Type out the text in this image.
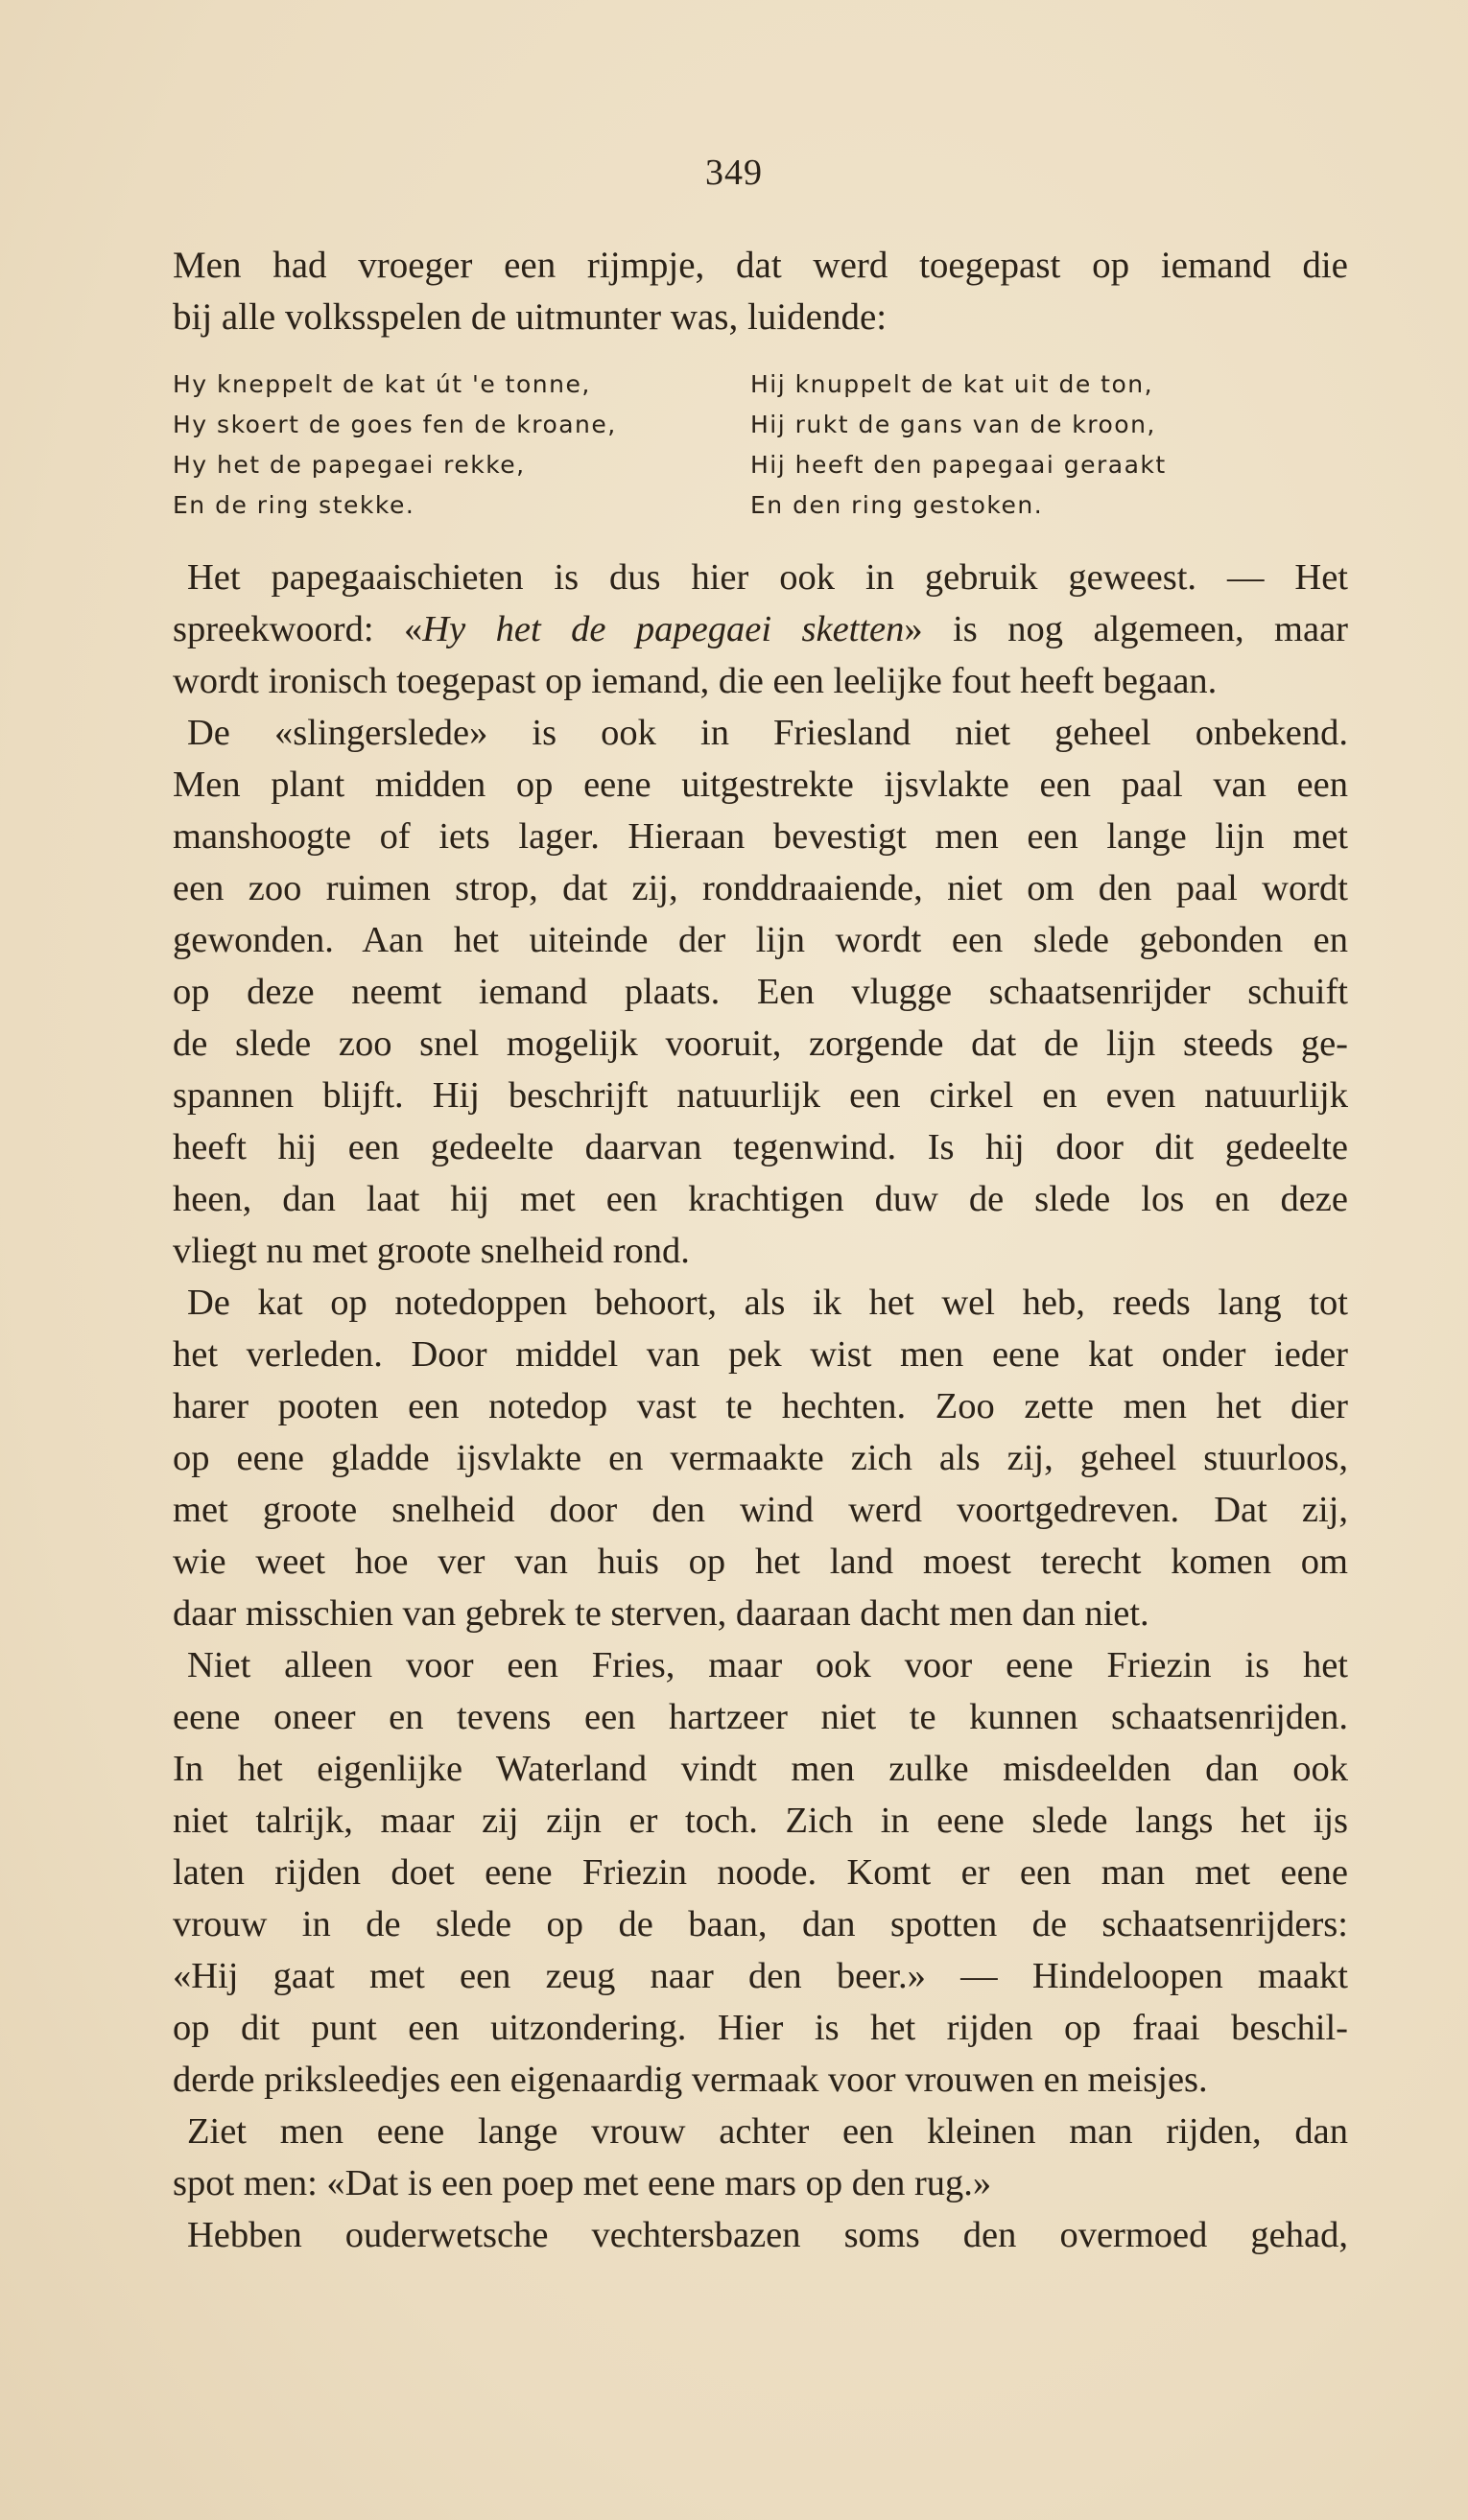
349
Men had vroeger een rijmpje, dat werd toegepast op iemand die
bij alle volksspelen de uitmunter was, luidende:
Hy kneppelt de kat út 'e tonne,
Hy skoert de goes fen de kroane,
Hy het de papegaei rekke,
En de ring stekke.
Hij knuppelt de kat uit de ton,
Hij rukt de gans van de kroon,
Hij heeft den papegaai geraakt
En den ring gestoken.
Het papegaaischieten is dus hier ook in gebruik geweest. — Het
spreekwoord: «Hy het de papegaei sketten» is nog algemeen, maar
wordt ironisch toegepast op iemand, die een leelijke fout heeft begaan.
De «slingerslede» is ook in Friesland niet geheel onbekend.
Men plant midden op eene uitgestrekte ijsvlakte een paal van een
manshoogte of iets lager. Hieraan bevestigt men een lange lijn met
een zoo ruimen strop, dat zij, ronddraaiende, niet om den paal wordt
gewonden. Aan het uiteinde der lijn wordt een slede gebonden en
op deze neemt iemand plaats. Een vlugge schaatsenrijder schuift
de slede zoo snel mogelijk vooruit, zorgende dat de lijn steeds ge-
spannen blijft. Hij beschrijft natuurlijk een cirkel en even natuurlijk
heeft hij een gedeelte daarvan tegenwind. Is hij door dit gedeelte
heen, dan laat hij met een krachtigen duw de slede los en deze
vliegt nu met groote snelheid rond.
De kat op notedoppen behoort, als ik het wel heb, reeds lang tot
het verleden. Door middel van pek wist men eene kat onder ieder
harer pooten een notedop vast te hechten. Zoo zette men het dier
op eene gladde ijsvlakte en vermaakte zich als zij, geheel stuurloos,
met groote snelheid door den wind werd voortgedreven. Dat zij,
wie weet hoe ver van huis op het land moest terecht komen om
daar misschien van gebrek te sterven, daaraan dacht men dan niet.
Niet alleen voor een Fries, maar ook voor eene Friezin is het
eene oneer en tevens een hartzeer niet te kunnen schaatsenrijden.
In het eigenlijke Waterland vindt men zulke misdeelden dan ook
niet talrijk, maar zij zijn er toch. Zich in eene slede langs het ijs
laten rijden doet eene Friezin noode. Komt er een man met eene
vrouw in de slede op de baan, dan spotten de schaatsenrijders:
«Hij gaat met een zeug naar den beer.» — Hindeloopen maakt
op dit punt een uitzondering. Hier is het rijden op fraai beschil-
derde priksleedjes een eigenaardig vermaak voor vrouwen en meisjes.
Ziet men eene lange vrouw achter een kleinen man rijden, dan
spot men: «Dat is een poep met eene mars op den rug.»
Hebben ouderwetsche vechtersbazen soms den overmoed gehad,
